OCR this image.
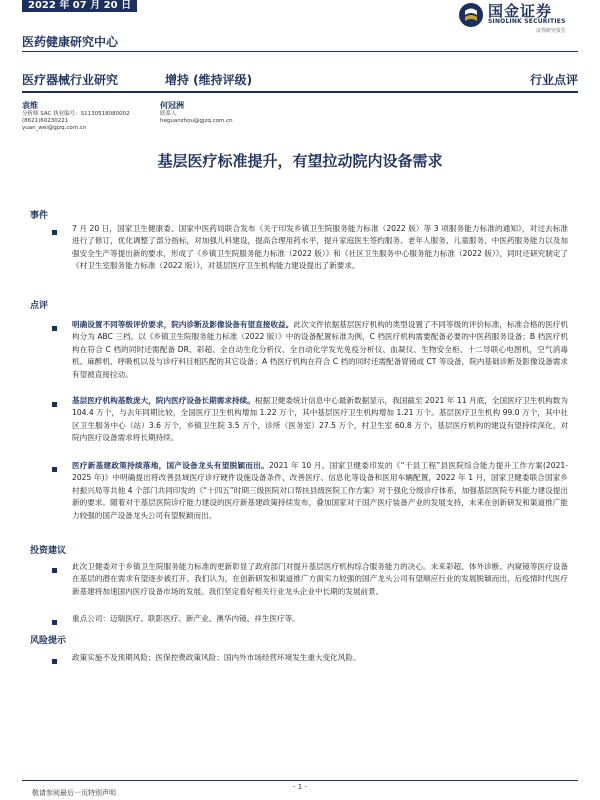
2022 年 07 月 20 日	国金证券
SINOLINK SECURITIES
证券研究报告
医药健康研究中心
医疗器械行业研究	增持 (维持评级)	行业点评
袁维
分析师 SAC 执业编号：S1130518080002
(8621)60230221
yuan_wei@gjzq.com.cn
何冠洲
联系人
heguanzhou@gjzq.com.cn
基层医疗标准提升，有望拉动院内设备需求
事件
7 月 20 日，国家卫生健康委、国家中医药局联合发布《关于印发乡镇卫生院服务能力标准（2022 版）等 3 项服务能力标准的通知》，对过去标准进行了修订，优化调整了部分指标，对加强儿科建设，提高合理用药水平，提升家庭医生签约服务、老年人服务、儿童服务、中医药服务能力以及加强安全生产等提出新的要求，形成了《乡镇卫生院服务能力标准（2022 版）》和《社区卫生服务中心服务能力标准（2022 版）》，同时还研究制定了《村卫生室服务能力标准（2022 版）》，对基层医疗卫生机构能力建设提出了新要求。
点评
明确设置不同等级评价要求，院内诊断及影像设备有望直接收益。此次文件依据基层医疗机构的类型设置了不同等级的评价标准，标准合格的医疗机构分为 ABC 三档。以《乡镇卫生院服务能力标准（2022 版）》中的设备配置标准为例，C 档医疗机构需要配备必要的中医药服务设备；B 档医疗机构在符合 C 档的同时还需配备 DR、彩超、全自动生化分析仪、全自动化学发光免疫分析仪、血凝仪、生物安全柜、十二导联心电图机，空气消毒机、麻醉机、呼吸机以及与诊疗科目相匹配的其它设备；A 档医疗机构在符合 C 档的同时还需配备胃镜或 CT 等设备，院内基础诊断及影像设备需求有望被直接拉动。
基层医疗机构基数庞大，院内医疗设备长期需求持续。根据卫健委统计信息中心最新数据显示，我国截至 2021 年 11 月底，全国医疗卫生机构数为 104.4 万个，与去年同期比较，全国医疗卫生机构增加 1.22 万个，其中基层医疗卫生机构增加 1.21 万个。基层医疗卫生机构 99.0 万个，其中社区卫生服务中心（站）3.6 万个，乡镇卫生院 3.5 万个，诊所（医务室）27.5 万个，村卫生室 60.8 万个。基层医疗机构的建设有望持续深化，对院内医疗设备需求将长期持续。
医疗新基建政策持续落地，国产设备龙头有望脱颖而出。2021 年 10 月，国家卫健委印发的《“千县工程”县医院综合能力提升工作方案(2021-2025 年)》中明确提出将改善县域医疗诊疗硬件设施设备条件，改善医疗、信息化等设备和医用车辆配置，2022 年 1 月，国家卫健委联合国家乡村振兴局等共他 4 个部门共同印发的《“十四五”时期三级医院对口帮扶县级医院工作方案》对于强化分级诊疗体系，加强基层医院专科能力建设提出新的要求。随着对于基层医院诊疗能力建设的医疗新基建政策持续发布，叠加国家对于国产医疗装备产业的发展支持，未来在创新研发和渠道推广能力较强的国产设备龙头公司有望脱颖而出。
投资建议
此次卫健委对于乡镇卫生院服务能力标准的更新彰显了政府部门对提升基层医疗机构综合服务能力的决心。未来彩超、体外诊断、内窥镜等医疗设备在基层的潜在需求有望逐步被打开。我们认为，在创新研发和渠道推广方面实力较强的国产龙头公司有望顺应行业的发展脱颖而出，后疫情时代医疗新基建将加速国内医疗设备市场的发展。我们坚定看好相关行业龙头企业中长期的发展前景。
重点公司：迈瑞医疗、联影医疗、新产业、澳华内镜、祥生医疗等。
风险提示
政策实施不及预期风险；医保控费政策风险；国内外市场经营环境发生重大变化风险。
- 1 -
敬请参阅最后一页特别声明
